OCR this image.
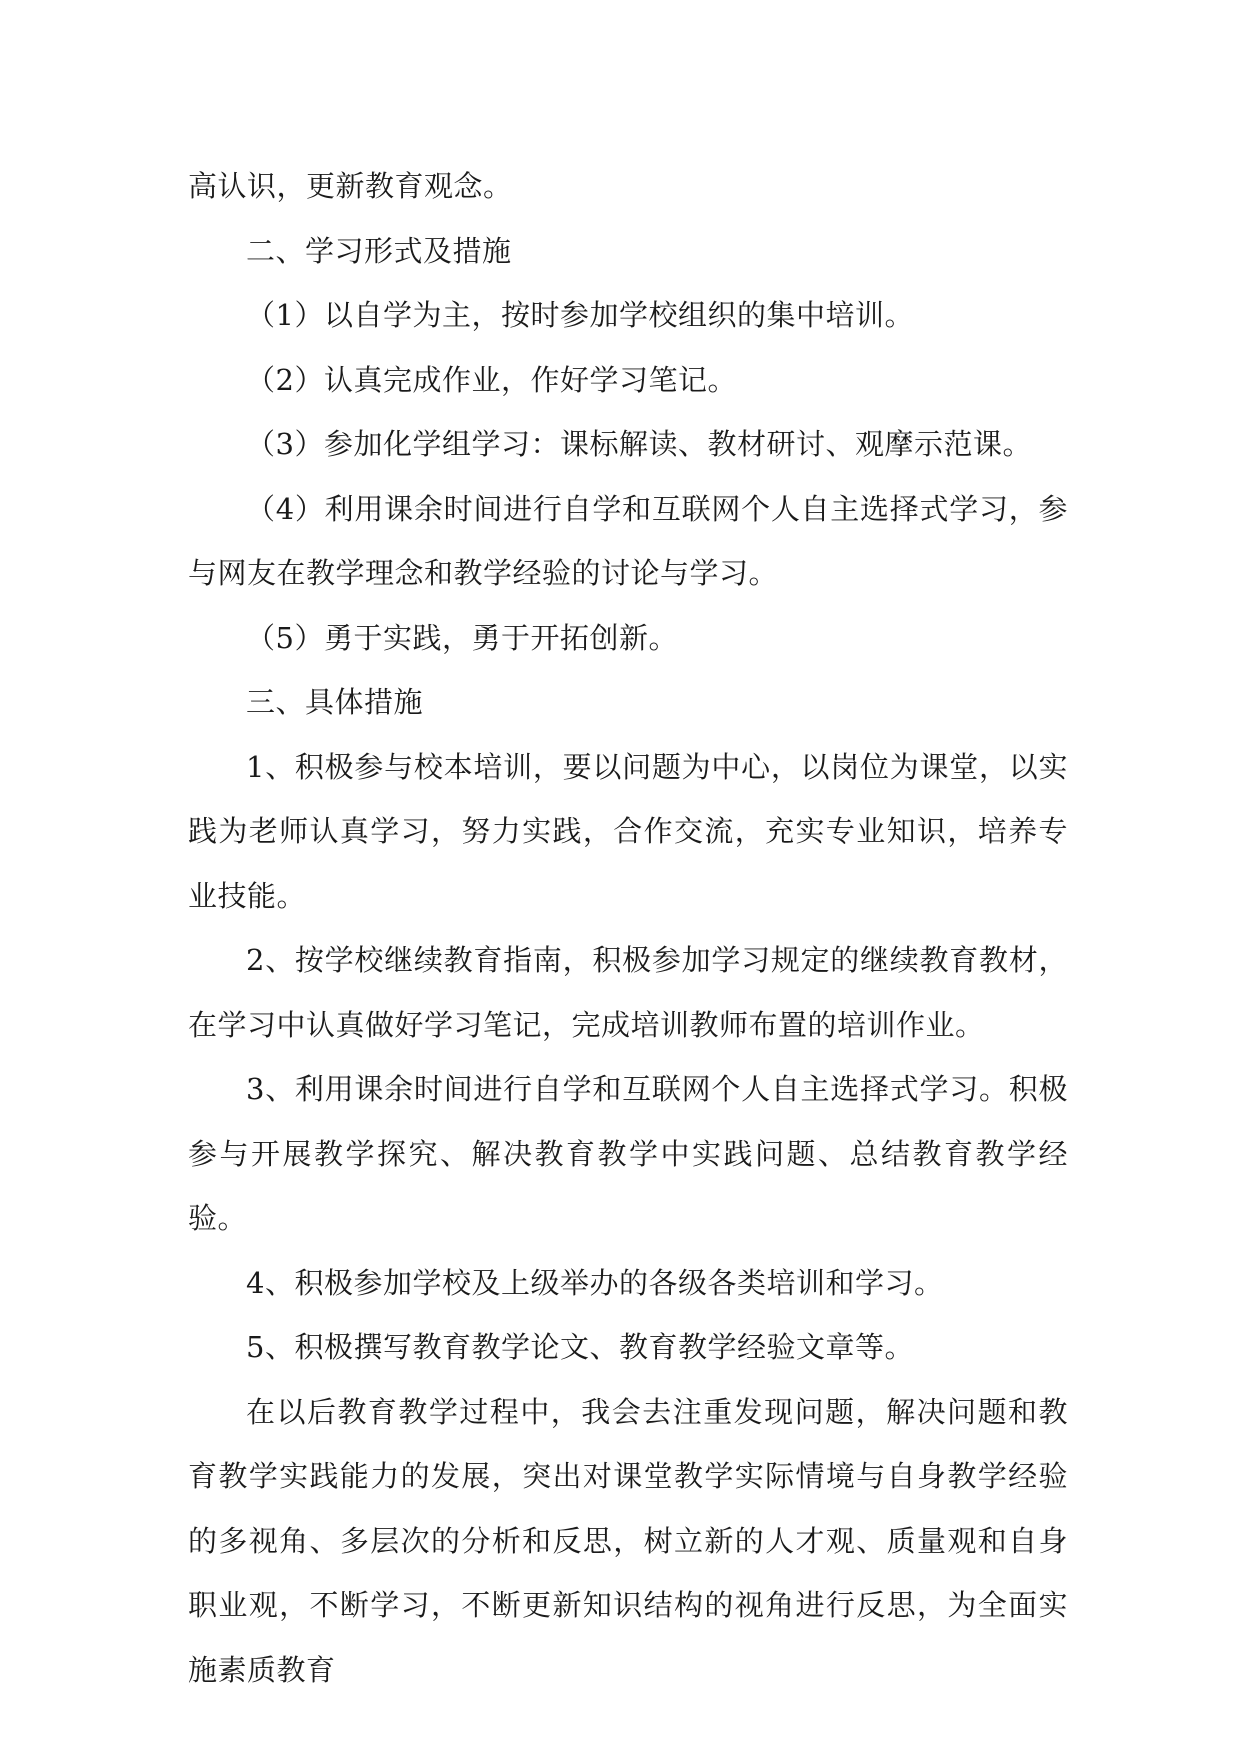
高认识，更新教育观念。

二、学习形式及措施

（1）以自学为主，按时参加学校组织的集中培训。

（2）认真完成作业，作好学习笔记。

（3）参加化学组学习：课标解读、教材研讨、观摩示范课。

（4）利用课余时间进行自学和互联网个人自主选择式学习，参与网友在教学理念和教学经验的讨论与学习。

（5）勇于实践，勇于开拓创新。

三、具体措施

1、积极参与校本培训，要以问题为中心，以岗位为课堂，以实践为老师认真学习，努力实践，合作交流，充实专业知识，培养专业技能。

2、按学校继续教育指南，积极参加学习规定的继续教育教材，在学习中认真做好学习笔记，完成培训教师布置的培训作业。

3、利用课余时间进行自学和互联网个人自主选择式学习。积极参与开展教学探究、解决教育教学中实践问题、总结教育教学经验。

4、积极参加学校及上级举办的各级各类培训和学习。

5、积极撰写教育教学论文、教育教学经验文章等。

在以后教育教学过程中，我会去注重发现问题，解决问题和教育教学实践能力的发展，突出对课堂教学实际情境与自身教学经验的多视角、多层次的分析和反思，树立新的人才观、质量观和自身职业观，不断学习，不断更新知识结构的视角进行反思，为全面实施素质教育
